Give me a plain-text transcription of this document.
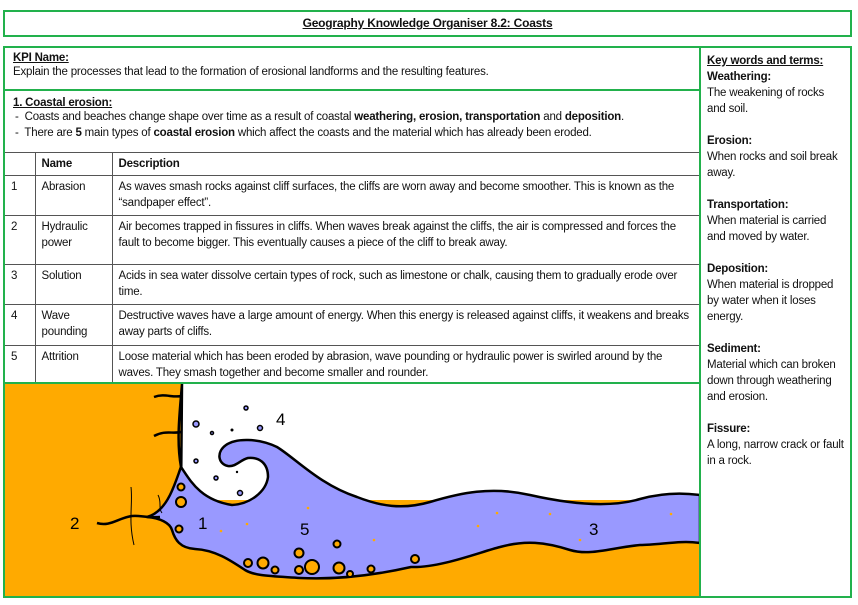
Geography Knowledge Organiser 8.2: Coasts
KPI Name:
Explain the processes that lead to the formation of erosional landforms and the resulting features.
1. Coastal erosion:
-  Coasts and beaches change shape over time as a result of coastal weathering, erosion, transportation and deposition.
-  There are 5 main types of coastal erosion which affect the coasts and the material which has already been eroded.
	Name	Description
1	Abrasion	As waves smash rocks against cliff surfaces, the cliffs are worn away and become smoother. This is known as the “sandpaper effect”.
2	Hydraulic power	Air becomes trapped in fissures in cliffs. When waves break against the cliffs, the air is compressed and forces the fault to become bigger. This eventually causes a piece of the cliff to break away.
3	Solution	Acids in sea water dissolve certain types of rock, such as limestone or chalk, causing them to gradually erode over time.
4	Wave pounding	Destructive waves have a large amount of energy. When this energy is released against cliffs, it weakens and breaks away parts of cliffs.
5	Attrition	Loose material which has been eroded by abrasion, wave pounding or hydraulic power is swirled around by the waves. They smash together and become smaller and rounder.
1
2	3
4
5
Key words and terms:
Weathering:
The weakening of rocks and soil.
Erosion:
When rocks and soil break away.
Transportation:
When material is carried and moved by water.
Deposition:
When material is dropped by water when it loses energy.
Sediment:
Material which can broken down through weathering and erosion.
Fissure:
A long, narrow crack or fault in a rock.
